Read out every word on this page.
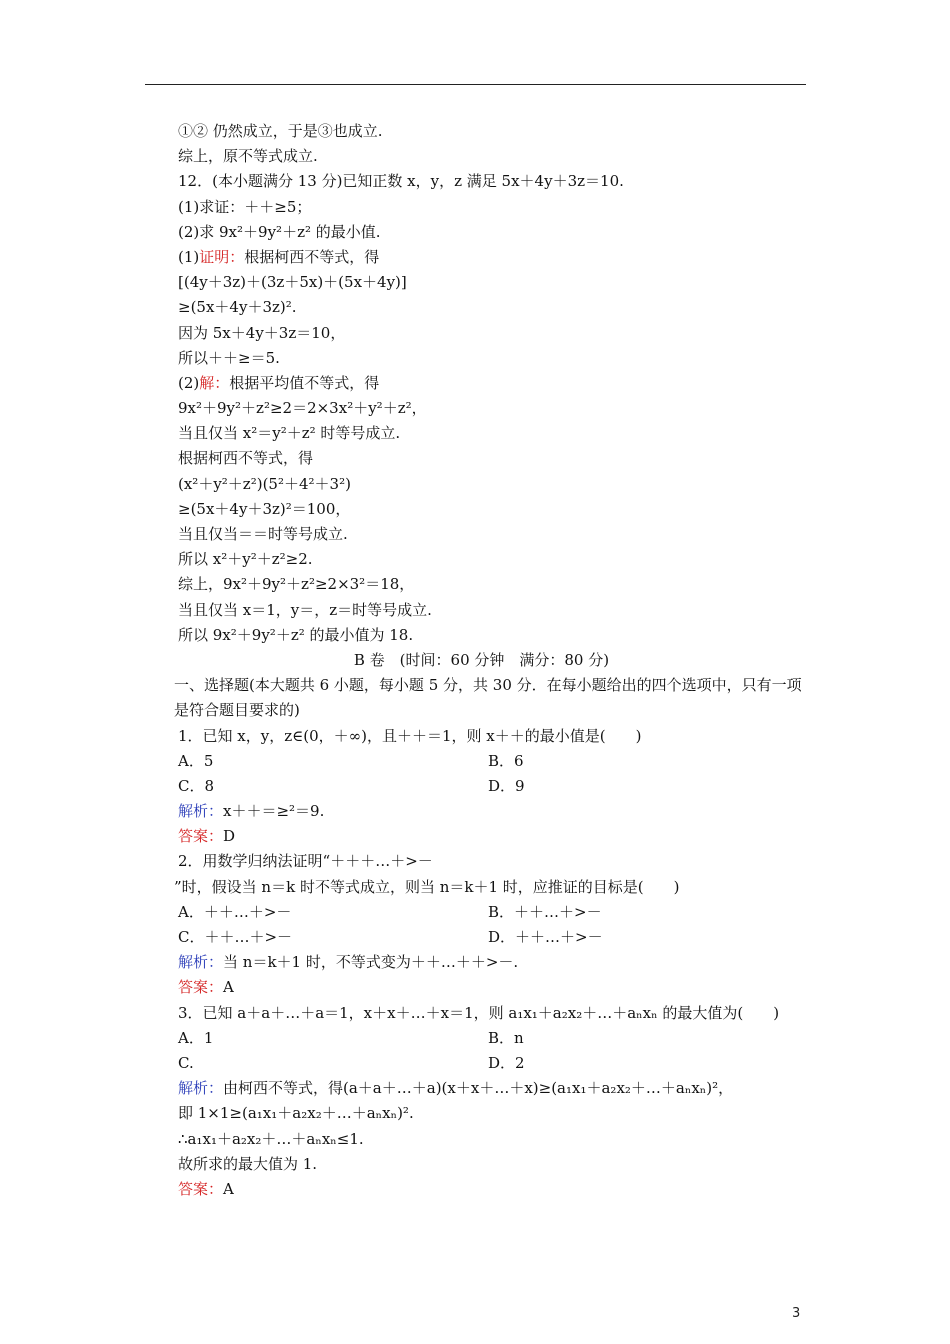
①② 仍然成立，于是③也成立.
综上，原不等式成立.
12．(本小题满分 13 分)已知正数 x，y，z 满足 5x＋4y＋3z＝10.
(1)求证：＋＋≥5；
(2)求 9x²＋9y²＋z² 的最小值.
(1)证明：根据柯西不等式，得
[(4y＋3z)＋(3z＋5x)＋(5x＋4y)]
≥(5x＋4y＋3z)².
因为 5x＋4y＋3z＝10，
所以＋＋≥＝5.
(2)解：根据平均值不等式，得
9x²＋9y²＋z²≥2＝2×3x²＋y²＋z²，
当且仅当 x²＝y²＋z² 时等号成立.
根据柯西不等式，得
(x²＋y²＋z²)(5²＋4²＋3²)
≥(5x＋4y＋3z)²＝100，
当且仅当＝＝时等号成立.
所以 x²＋y²＋z²≥2.
综上，9x²＋9y²＋z²≥2×3²＝18，
当且仅当 x＝1，y＝，z＝时等号成立.
所以 9x²＋9y²＋z² 的最小值为 18.
B 卷　(时间：60 分钟　满分：80 分)
一、选择题(本大题共 6 小题，每小题 5 分，共 30 分．在每小题给出的四个选项中，只有一项是符合题目要求的)
1．已知 x，y，z∈(0，＋∞)，且＋＋＝1，则 x＋＋的最小值是(　　)
A．5	B．6
C．8	D．9
解析：x＋＋＝≥²＝9.
答案：D
2．用数学归纳法证明“＋＋＋…＋>－
”时，假设当 n＝k 时不等式成立，则当 n＝k＋1 时，应推证的目标是(　　)
A．＋＋…＋>－	B．＋＋…＋>－
C．＋＋…＋>－	D．＋＋…＋>－
解析：当 n＝k＋1 时，不等式变为＋＋…＋＋>－.
答案：A
3．已知 a＋a＋…＋a＝1，x＋x＋…＋x＝1，则 a₁x₁＋a₂x₂＋…＋aₙxₙ 的最大值为(　　)
A．1	B．n
C.	D．2
解析：由柯西不等式，得(a＋a＋…＋a)(x＋x＋…＋x)≥(a₁x₁＋a₂x₂＋…＋aₙxₙ)²，
即 1×1≥(a₁x₁＋a₂x₂＋…＋aₙxₙ)².
∴a₁x₁＋a₂x₂＋…＋aₙxₙ≤1.
故所求的最大值为 1.
答案：A
3
